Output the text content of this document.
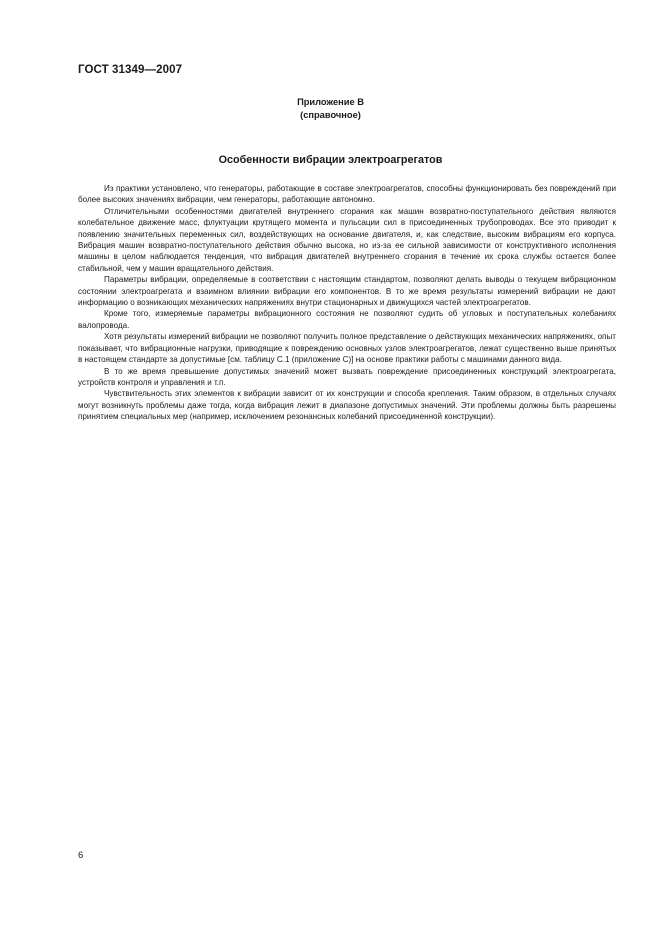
ГОСТ 31349—2007
Приложение В
(справочное)
Особенности вибрации электроагрегатов

Из практики установлено, что генераторы, работающие в составе электроагрегатов, способны функционировать без повреждений при более высоких значениях вибрации, чем генераторы, работающие автономно.

Отличительными особенностями двигателей внутреннего сгорания как машин возвратно-поступательного действия являются колебательное движение масс, флуктуации крутящего момента и пульсации сил в присоединенных трубопроводах. Все это приводит к появлению значительных переменных сил, воздействующих на основание двигателя, и, как следствие, высоким вибрациям его корпуса. Вибрация машин возвратно-поступательного действия обычно высока, но из-за ее сильной зависимости от конструктивного исполнения машины в целом наблюдается тенденция, что вибрация двигателей внутреннего сгорания в течение их срока службы остается более стабильной, чем у машин вращательного действия.

Параметры вибрации, определяемые в соответствии с настоящим стандартом, позволяют делать выводы о текущем вибрационном состоянии электроагрегата и взаимном влиянии вибрации его компонентов. В то же время результаты измерений вибрации не дают информацию о возникающих механических напряжениях внутри стационарных и движущихся частей электроагрегатов.

Кроме того, измеряемые параметры вибрационного состояния не позволяют судить об угловых и поступательных колебаниях валопровода.

Хотя результаты измерений вибрации не позволяют получить полное представление о действующих механических напряжениях, опыт показывает, что вибрационные нагрузки, приводящие к повреждению основных узлов электроагрегатов, лежат существенно выше принятых в настоящем стандарте за допустимые [см. таблицу С.1 (приложение С)] на основе практики работы с машинами данного вида.

В то же время превышение допустимых значений может вызвать повреждение присоединенных конструкций электроагрегата, устройств контроля и управления и т.п.

Чувствительность этих элементов к вибрации зависит от их конструкции и способа крепления. Таким образом, в отдельных случаях могут возникнуть проблемы даже тогда, когда вибрация лежит в диапазоне допустимых значений. Эти проблемы должны быть разрешены принятием специальных мер (например, исключением резонансных колебаний присоединенной конструкции).

6
